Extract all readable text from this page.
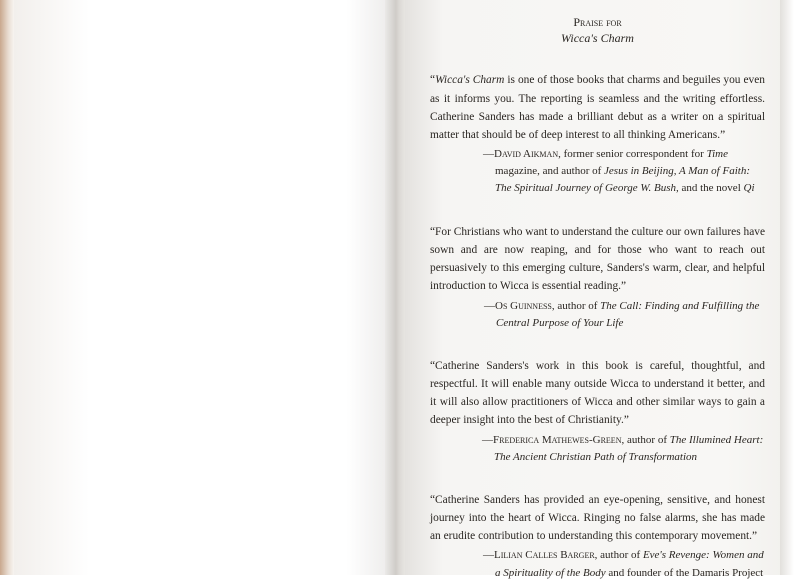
Praise for
Wicca's Charm

“Wicca's Charm is one of those books that charms and beguiles you even as it informs you. The reporting is seamless and the writing effortless. Catherine Sanders has made a brilliant debut as a writer on a spiritual matter that should be of deep interest to all thinking Americans.”

—David Aikman, former senior correspondent for Time magazine, and author of Jesus in Beijing, A Man of Faith: The Spiritual Journey of George W. Bush, and the novel Qi

“For Christians who want to understand the culture our own failures have sown and are now reaping, and for those who want to reach out persuasively to this emerging culture, Sanders's warm, clear, and helpful introduction to Wicca is essential reading.”

—Os Guinness, author of The Call: Finding and Fulfilling the Central Purpose of Your Life

“Catherine Sanders's work in this book is careful, thoughtful, and respectful. It will enable many outside Wicca to understand it better, and it will also allow practitioners of Wicca and other similar ways to gain a deeper insight into the best of Christianity.”

—Frederica Mathewes-Green, author of The Illumined Heart: The Ancient Christian Path of Transformation

“Catherine Sanders has provided an eye-opening, sensitive, and honest journey into the heart of Wicca. Ringing no false alarms, she has made an erudite contribution to understanding this contemporary movement.”

—Lilian Calles Barger, author of Eve's Revenge: Women and a Spirituality of the Body and founder of the Damaris Project
